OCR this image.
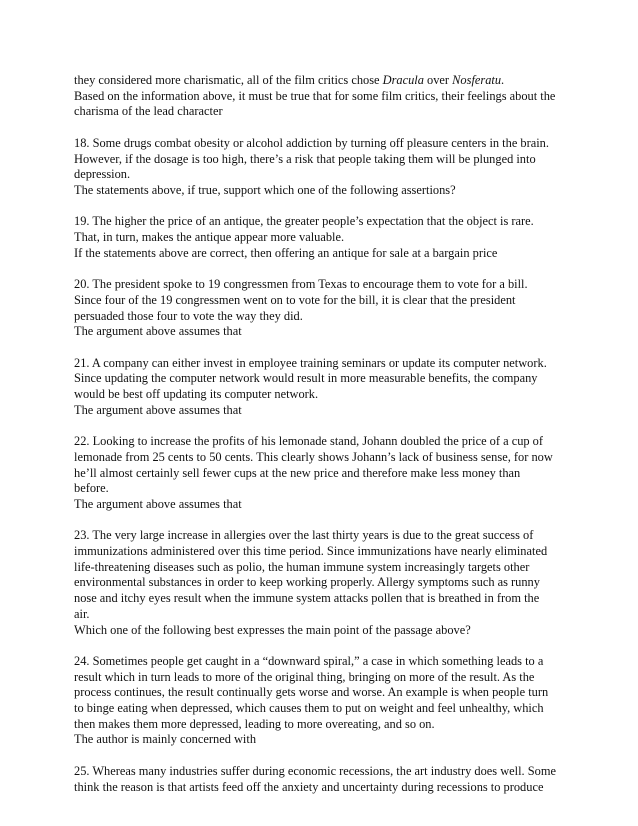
they considered more charismatic, all of the film critics chose Dracula over Nosferatu.
Based on the information above, it must be true that for some film critics, their feelings about the
charisma of the lead character
18. Some drugs combat obesity or alcohol addiction by turning off pleasure centers in the brain.
However, if the dosage is too high, there’s a risk that people taking them will be plunged into
depression.
The statements above, if true, support which one of the following assertions?
19. The higher the price of an antique, the greater people’s expectation that the object is rare.
That, in turn, makes the antique appear more valuable.
If the statements above are correct, then offering an antique for sale at a bargain price
20. The president spoke to 19 congressmen from Texas to encourage them to vote for a bill.
Since four of the 19 congressmen went on to vote for the bill, it is clear that the president
persuaded those four to vote the way they did.
The argument above assumes that
21. A company can either invest in employee training seminars or update its computer network.
Since updating the computer network would result in more measurable benefits, the company
would be best off updating its computer network.
The argument above assumes that
22. Looking to increase the profits of his lemonade stand, Johann doubled the price of a cup of
lemonade from 25 cents to 50 cents. This clearly shows Johann’s lack of business sense, for now
he’ll almost certainly sell fewer cups at the new price and therefore make less money than
before.
The argument above assumes that
23. The very large increase in allergies over the last thirty years is due to the great success of
immunizations administered over this time period. Since immunizations have nearly eliminated
life-threatening diseases such as polio, the human immune system increasingly targets other
environmental substances in order to keep working properly. Allergy symptoms such as runny
nose and itchy eyes result when the immune system attacks pollen that is breathed in from the
air.
Which one of the following best expresses the main point of the passage above?
24. Sometimes people get caught in a “downward spiral,” a case in which something leads to a
result which in turn leads to more of the original thing, bringing on more of the result. As the
process continues, the result continually gets worse and worse. An example is when people turn
to binge eating when depressed, which causes them to put on weight and feel unhealthy, which
then makes them more depressed, leading to more overeating, and so on.
The author is mainly concerned with
25. Whereas many industries suffer during economic recessions, the art industry does well. Some
think the reason is that artists feed off the anxiety and uncertainty during recessions to produce
